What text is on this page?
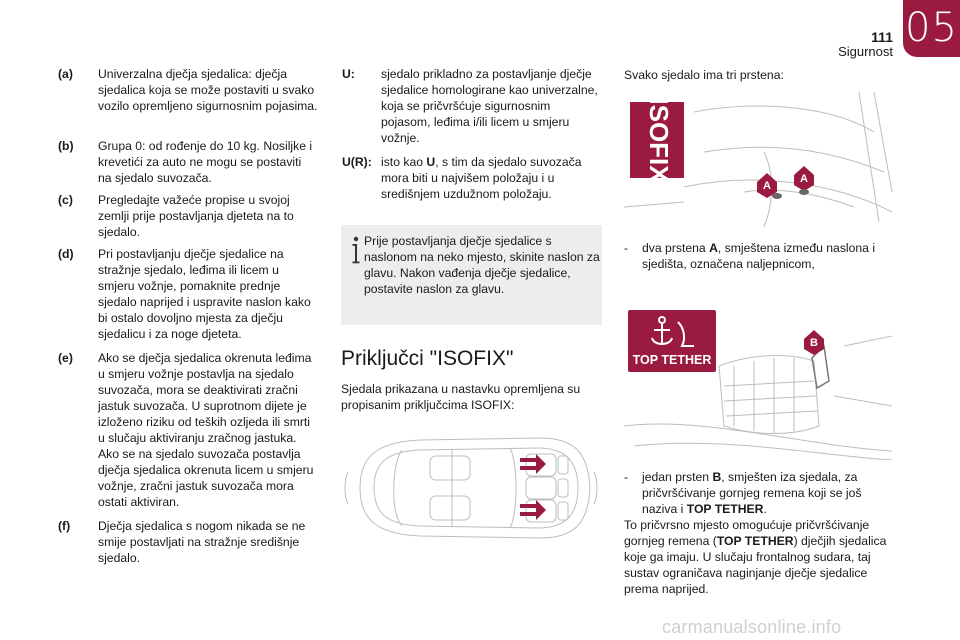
111
Sigurnost
05
(a) Univerzalna dječja sjedalica: dječja sjedalica koja se može postaviti u svako vozilo opremljeno sigurnosnim pojasima.
(b) Grupa 0: od rođenje do 10 kg. Nosiljke i krevetići za auto ne mogu se postaviti na sjedalo suvozača.
(c) Pregledajte važeće propise u svojoj zemlji prije postavljanja djeteta na to sjedalo.
(d) Pri postavljanju dječje sjedalice na stražnje sjedalo, leđima ili licem u smjeru vožnje, pomaknite prednje sjedalo naprijed i uspravite naslon kako bi ostalo dovoljno mjesta za dječju sjedalicu i za noge djeteta.
(e) Ako se dječja sjedalica okrenuta leđima u smjeru vožnje postavlja na sjedalo suvozača, mora se deaktivirati zračni jastuk suvozača. U suprotnom dijete je izloženo riziku od teških ozljeda ili smrti u slučaju aktiviranju zračnog jastuka. Ako se na sjedalo suvozača postavlja dječja sjedalica okrenuta licem u smjeru vožnje, zračni jastuk suvozača mora ostati aktiviran.
(f) Dječja sjedalica s nogom nikada se ne smije postavljati na stražnje središnje sjedalo.
U: sjedalo prikladno za postavljanje dječje sjedalice homologirane kao univerzalne, koja se pričvršćuje sigurnosnim pojasom, leđima i/ili licem u smjeru vožnje.
U(R): isto kao U, s tim da sjedalo suvozača mora biti u najvišem položaju i u središnjem uzdužnom položaju.
Prije postavljanja dječje sjedalice s naslonom na neko mjesto, skinite naslon za glavu. Nakon vađenja dječje sjedalice, postavite naslon za glavu.
Priključci "ISOFIX"
Sjedala prikazana u nastavku opremljena su propisanim priključcima ISOFIX:
Svako sjedalo ima tri prstena:
ISOFIX
A
A
- dva prstena A, smještena između naslona i sjedišta, označena naljepnicom,
TOP TETHER
B
- jedan prsten B, smješten iza sjedala, za pričvršćivanje gornjeg remena koji se još naziva i TOP TETHER.
To pričvrsno mjesto omogućuje pričvršćivanje gornjeg remena (TOP TETHER) dječjih sjedalica koje ga imaju. U slučaju frontalnog sudara, taj sustav ograničava naginjanje dječje sjedalice prema naprijed.
carmanualsonline.info
